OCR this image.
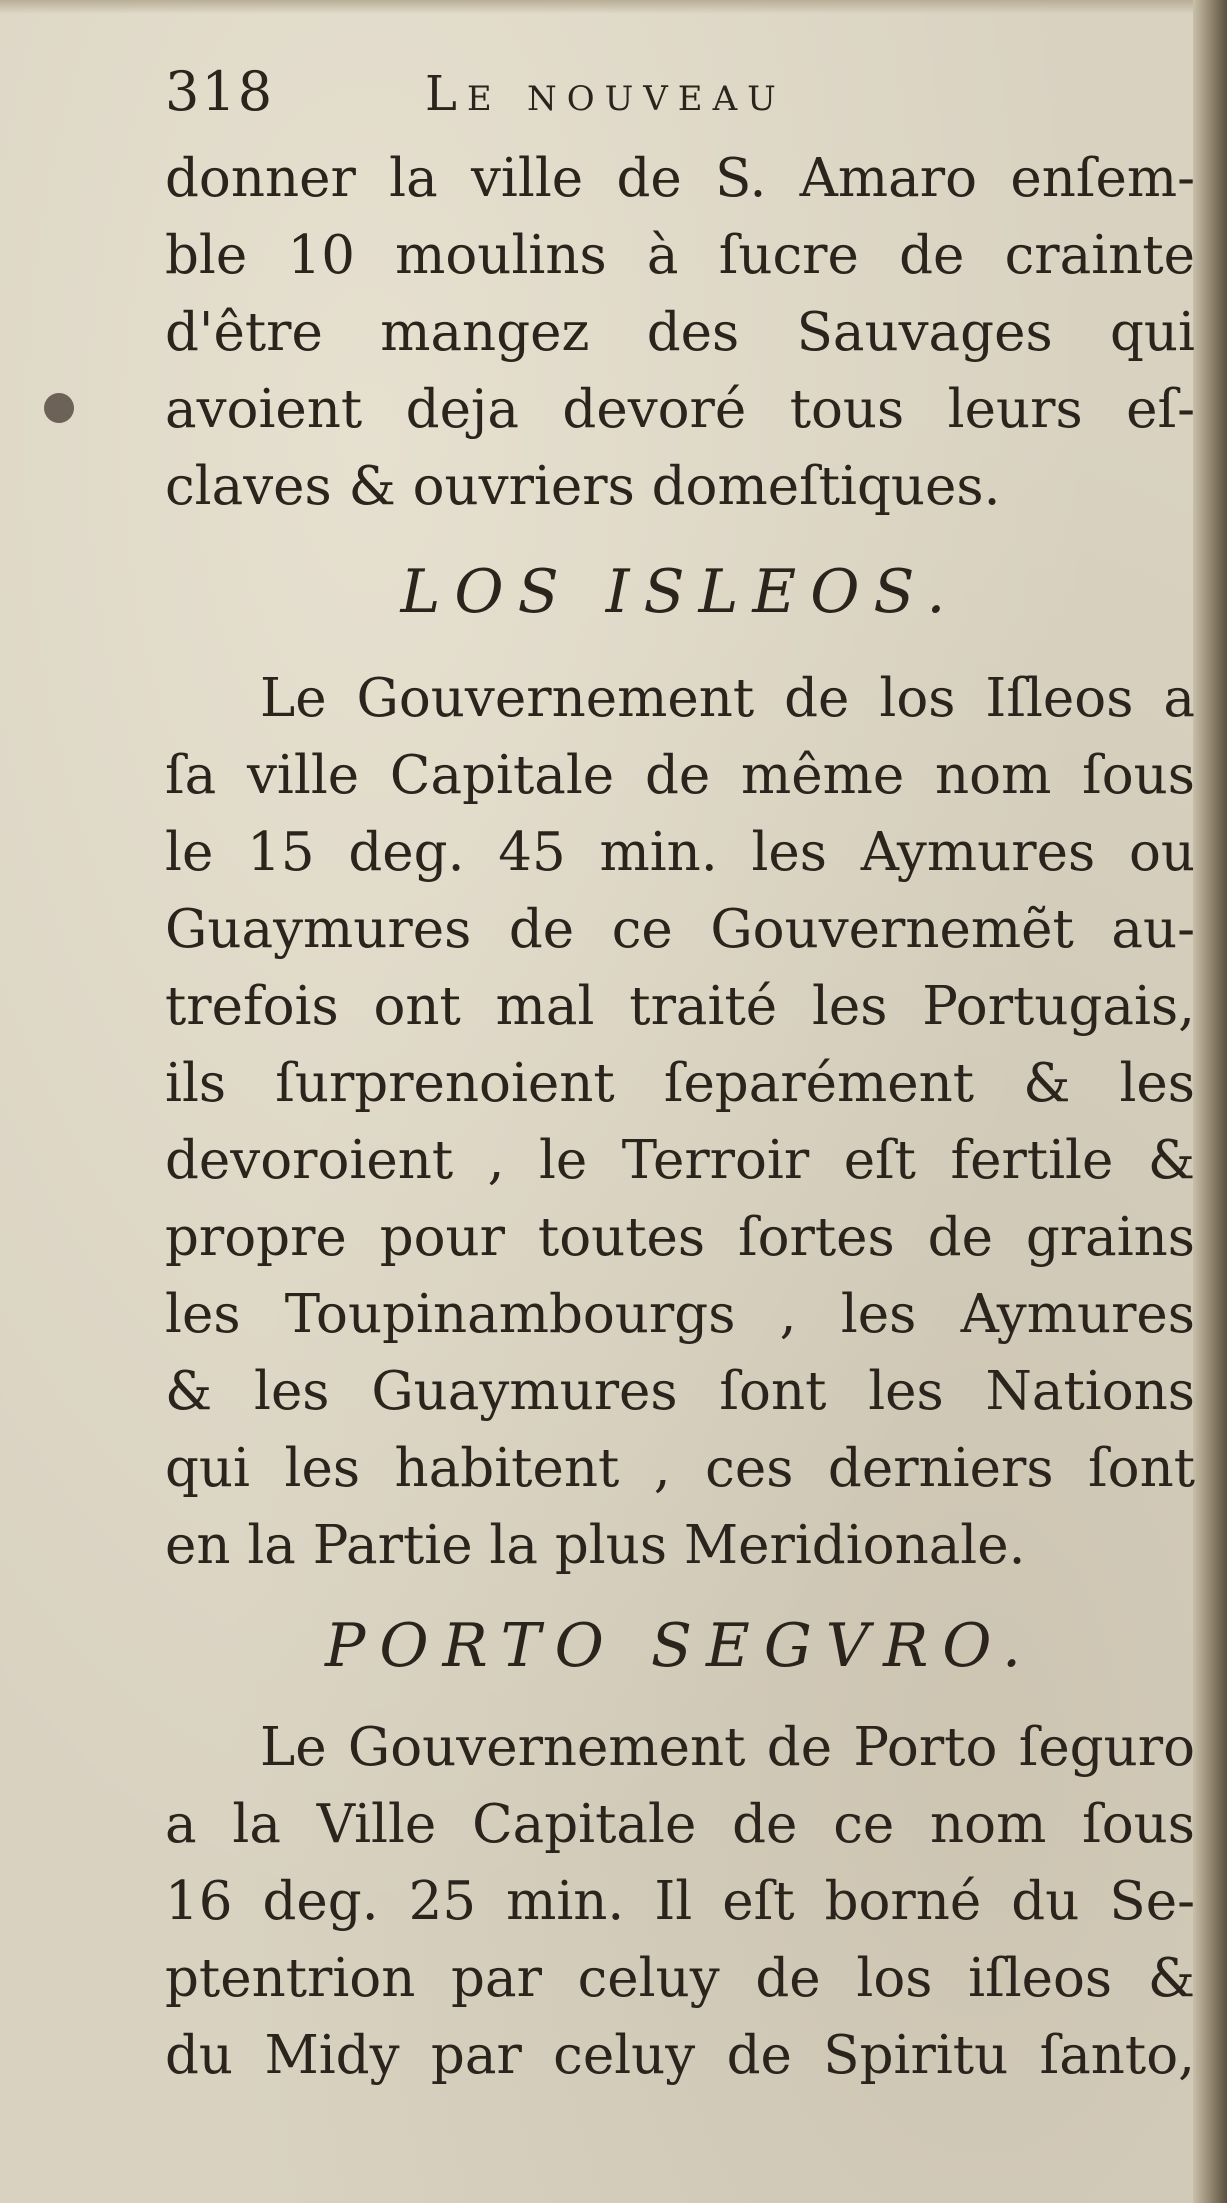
318	Le nouveau
donner la ville de S. Amaro enſem-
ble 10 moulins à ſucre de crainte
d'être mangez des Sauvages qui
avoient deja devoré tous leurs eſ-
claves & ouvriers domeſtiques.
LOS ISLEOS.
Le Gouvernement de los Iſleos a
ſa ville Capitale de même nom ſous
le 15 deg. 45 min. les Aymures ou
Guaymures de ce Gouvernemẽt au-
trefois ont mal traité les Portugais,
ils ſurprenoient ſeparément & les
devoroient , le Terroir eſt fertile &
propre pour toutes ſortes de grains
les Toupinambourgs , les Aymures
& les Guaymures ſont les Nations
qui les habitent , ces derniers ſont
en la Partie la plus Meridionale.
PORTO SEGVRO.
Le Gouvernement de Porto ſeguro
a la Ville Capitale de ce nom ſous
16 deg. 25 min. Il eſt borné du Se-
ptentrion par celuy de los iſleos &
du Midy par celuy de Spiritu ſanto,
